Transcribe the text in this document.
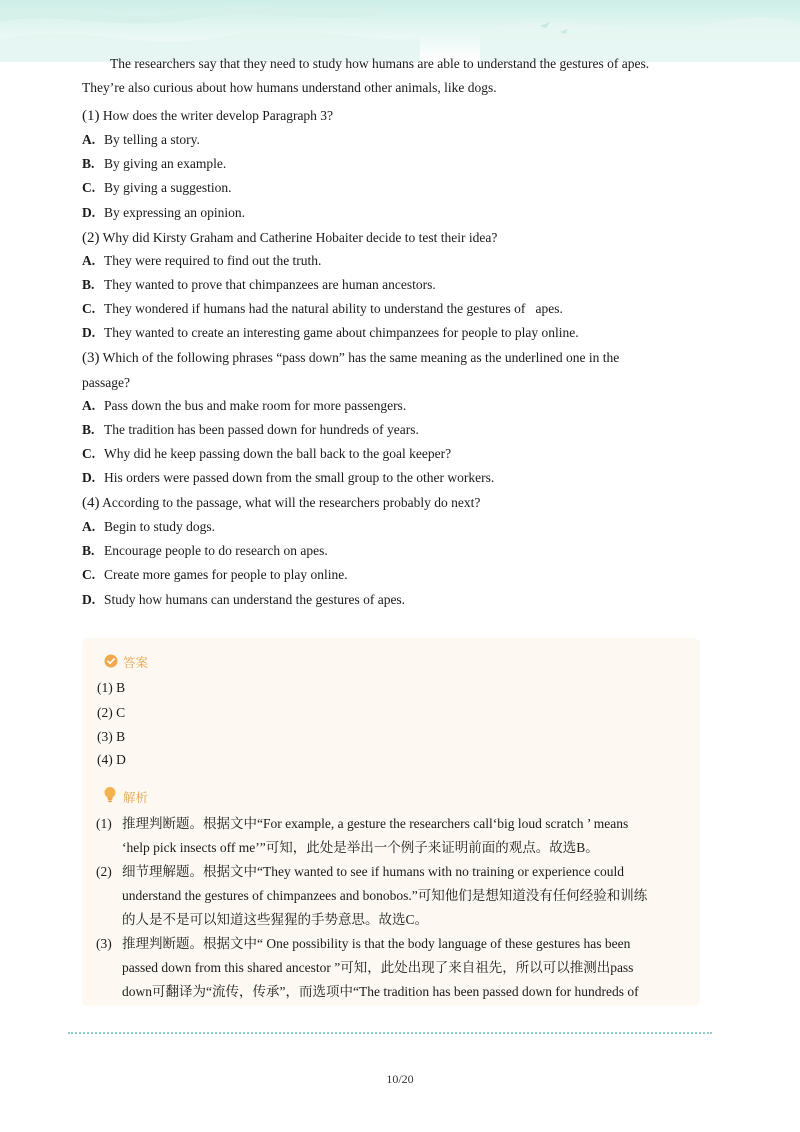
The researchers say that they need to study how humans are able to understand the gestures of apes.
They’re also curious about how humans understand other animals, like dogs.
(1) How does the writer develop Paragraph 3?
A. By telling a story.
B. By giving an example.
C. By giving a suggestion.
D. By expressing an opinion.
(2) Why did Kirsty Graham and Catherine Hobaiter decide to test their idea?
A. They were required to find out the truth.
B. They wanted to prove that chimpanzees are human ancestors.
C. They wondered if humans had the natural ability to understand the gestures of   apes.
D. They wanted to create an interesting game about chimpanzees for people to play online.
(3) Which of the following phrases “pass down” has the same meaning as the underlined one in the
passage?
A. Pass down the bus and make room for more passengers.
B. The tradition has been passed down for hundreds of years.
C. Why did he keep passing down the ball back to the goal keeper?
D. His orders were passed down from the small group to the other workers.
(4) According to the passage, what will the researchers probably do next?
A. Begin to study dogs.
B. Encourage people to do research on apes.
C. Create more games for people to play online.
D. Study how humans can understand the gestures of apes.
答案
(1) B
(2) C
(3) B
(4) D
解析
(1) 推理判断题。根据文中“For example, a gesture the researchers call‘big loud scratch ’ means
‘help pick insects off me’”可知，此处是举出一个例子来证明前面的观点。故选B。
(2) 细节理解题。根据文中“They wanted to see if humans with no training or experience could
understand the gestures of chimpanzees and bonobos.”可知他们是想知道没有任何经验和训练
的人是不是可以知道这些猩猩的手势意思。故选C。
(3) 推理判断题。根据文中“ One possibility is that the body language of these gestures has been
passed down from this shared ancestor ”可知，此处出现了来自祖先，所以可以推测出pass
down可翻译为“流传，传承”，而选项中“The tradition has been passed down for hundreds of
10/20
